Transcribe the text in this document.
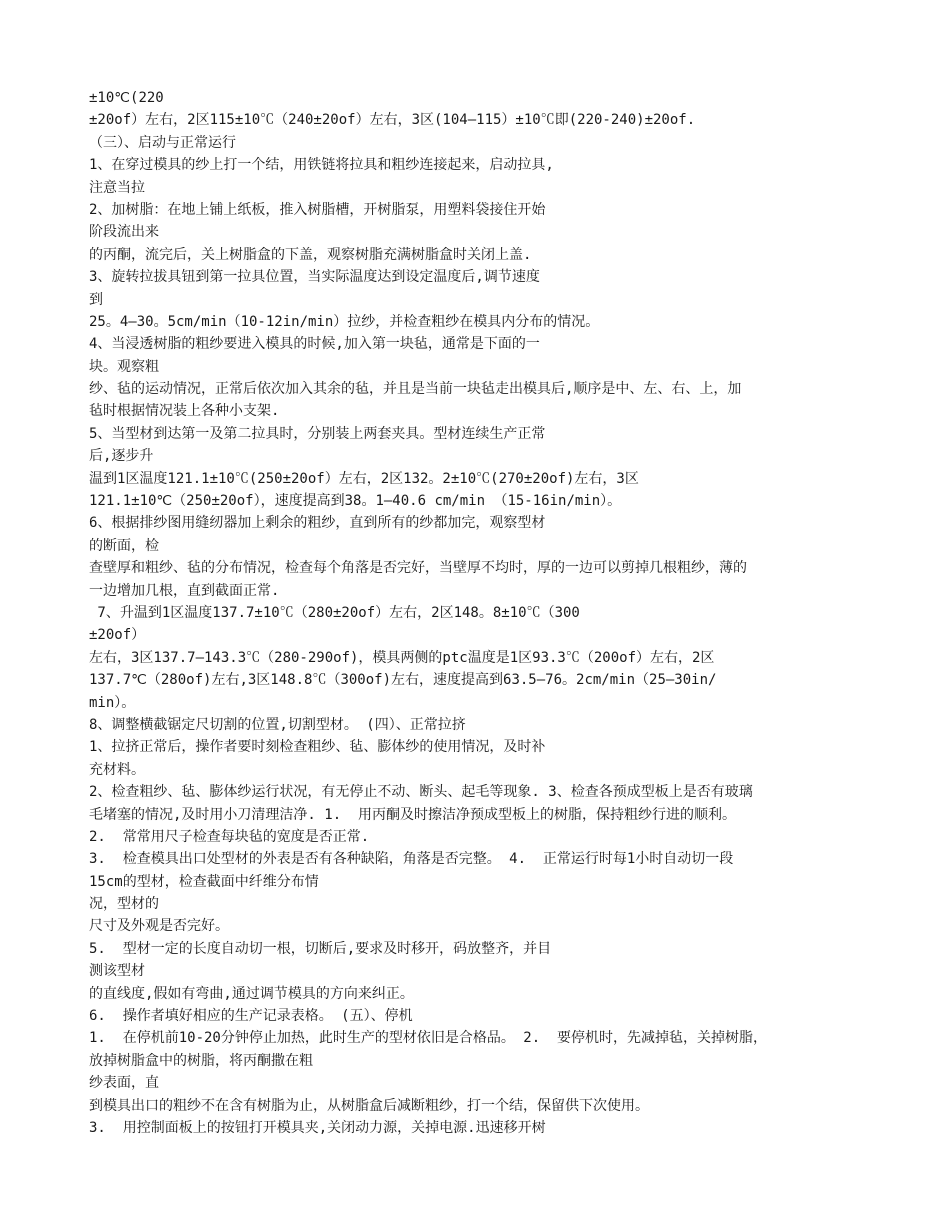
±10℃(220
±20of）左右，2区115±10℃（240±20of）左右，3区(104—115）±10℃即(220-240)±20of.
（三）、启动与正常运行
1、在穿过模具的纱上打一个结，用铁链将拉具和粗纱连接起来，启动拉具,
注意当拉
2、加树脂：在地上铺上纸板，推入树脂槽，开树脂泵，用塑料袋接住开始
阶段流出来
的丙酮，流完后，关上树脂盒的下盖，观察树脂充满树脂盒时关闭上盖.
3、旋转拉拔具钮到第一拉具位置，当实际温度达到设定温度后,调节速度
到
25。4—30。5cm/min（10-12in/min）拉纱，并检查粗纱在模具内分布的情况。
4、当浸透树脂的粗纱要进入模具的时候,加入第一块毡，通常是下面的一
块。观察粗
纱、毡的运动情况，正常后依次加入其余的毡，并且是当前一块毡走出模具后,顺序是中、左、右、上，加
毡时根据情况装上各种小支架.
5、当型材到达第一及第二拉具时，分别装上两套夹具。型材连续生产正常
后,逐步升
温到1区温度121.1±10℃(250±20of）左右，2区132。2±10℃(270±20of)左右，3区
121.1±10℃（250±20of），速度提高到38。1—40.6 cm/min （15-16in/min）。
6、根据排纱图用缝纫器加上剩余的粗纱，直到所有的纱都加完，观察型材
的断面，检
查壁厚和粗纱、毡的分布情况，检查每个角落是否完好，当壁厚不均时，厚的一边可以剪掉几根粗纱，薄的
一边增加几根，直到截面正常.
7、升温到1区温度137.7±10℃（280±20of）左右，2区148。8±10℃（300
±20of）
左右，3区137.7—143.3℃（280-290of)，模具两侧的ptc温度是1区93.3℃（200of）左右，2区
137.7℃（280of)左右,3区148.8℃（300of)左右，速度提高到63.5—76。2cm/min（25—30in/
min）。
8、调整横截锯定尺切割的位置,切割型材。 (四）、正常拉挤
1、拉挤正常后，操作者要时刻检查粗纱、毡、膨体纱的使用情况，及时补
充材料。
2、检查粗纱、毡、膨体纱运行状况，有无停止不动、断头、起毛等现象. 3、检查各预成型板上是否有玻璃
毛堵塞的情况,及时用小刀清理洁净. 1.  用丙酮及时擦洁净预成型板上的树脂，保持粗纱行进的顺利。
2.  常常用尺子检查每块毡的宽度是否正常.
3.  检查模具出口处型材的外表是否有各种缺陷，角落是否完整。 4.  正常运行时每1小时自动切一段
15cm的型材，检查截面中纤维分布情
况，型材的
尺寸及外观是否完好。
5.  型材一定的长度自动切一根，切断后,要求及时移开，码放整齐，并目
测该型材
的直线度,假如有弯曲,通过调节模具的方向来纠正。
6.  操作者填好相应的生产记录表格。 (五）、停机
1.  在停机前10-20分钟停止加热，此时生产的型材依旧是合格品。 2.  要停机时，先减掉毡，关掉树脂，
放掉树脂盒中的树脂，将丙酮撒在粗
纱表面，直
到模具出口的粗纱不在含有树脂为止，从树脂盒后减断粗纱，打一个结，保留供下次使用。
3.  用控制面板上的按钮打开模具夹,关闭动力源，关掉电源.迅速移开树
